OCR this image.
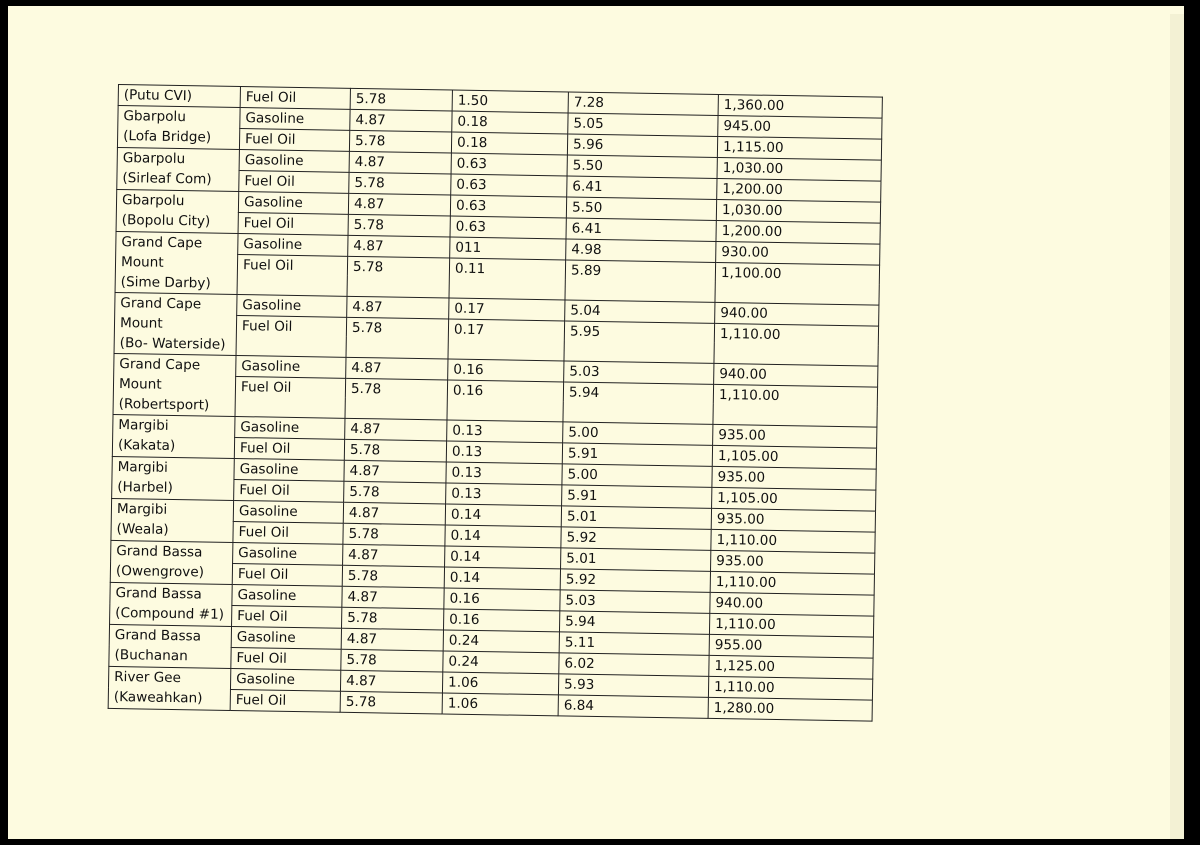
(Putu CVI)	Fuel Oil	5.78	1.50	7.28	1,360.00

Gbarpolu
(Lofa Bridge)	Gasoline	4.87	0.18	5.05	945.00
	Fuel Oil	5.78	0.18	5.96	1,115.00

Gbarpolu
(Sirleaf Com)	Gasoline	4.87	0.63	5.50	1,030.00
	Fuel Oil	5.78	0.63	6.41	1,200.00

Gbarpolu
(Bopolu City)	Gasoline	4.87	0.63	5.50	1,030.00
	Fuel Oil	5.78	0.63	6.41	1,200.00

Grand Cape
Mount
(Sime Darby)	Gasoline	4.87	011	4.98	930.00
	Fuel Oil	5.78	0.11	5.89	1,100.00

Grand Cape
Mount
(Bo- Waterside)	Gasoline	4.87	0.17	5.04	940.00
	Fuel Oil	5.78	0.17	5.95	1,110.00

Grand Cape
Mount
(Robertsport)	Gasoline	4.87	0.16	5.03	940.00
	Fuel Oil	5.78	0.16	5.94	1,110.00

Margibi
(Kakata)	Gasoline	4.87	0.13	5.00	935.00
	Fuel Oil	5.78	0.13	5.91	1,105.00

Margibi
(Harbel)	Gasoline	4.87	0.13	5.00	935.00
	Fuel Oil	5.78	0.13	5.91	1,105.00

Margibi
(Weala)	Gasoline	4.87	0.14	5.01	935.00
	Fuel Oil	5.78	0.14	5.92	1,110.00

Grand Bassa
(Owengrove)	Gasoline	4.87	0.14	5.01	935.00
	Fuel Oil	5.78	0.14	5.92	1,110.00

Grand Bassa
(Compound #1)	Gasoline	4.87	0.16	5.03	940.00
	Fuel Oil	5.78	0.16	5.94	1,110.00

Grand Bassa
(Buchanan	Gasoline	4.87	0.24	5.11	955.00
	Fuel Oil	5.78	0.24	6.02	1,125.00

River Gee
(Kaweahkan)	Gasoline	4.87	1.06	5.93	1,110.00
	Fuel Oil	5.78	1.06	6.84	1,280.00
